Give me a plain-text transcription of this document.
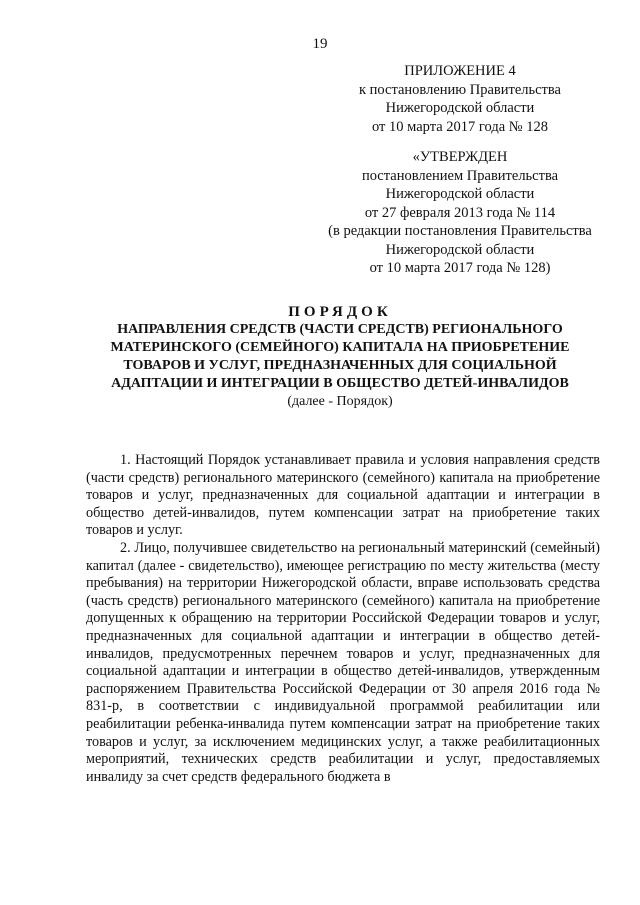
19
ПРИЛОЖЕНИЕ 4
к постановлению Правительства
Нижегородской области
от 10 марта 2017 года № 128
«УТВЕРЖДЕН
постановлением Правительства
Нижегородской области
от 27 февраля 2013 года № 114
(в редакции постановления Правительства
Нижегородской области
от 10 марта 2017 года № 128)
ПОРЯДОК
НАПРАВЛЕНИЯ СРЕДСТВ (ЧАСТИ СРЕДСТВ) РЕГИОНАЛЬНОГО
МАТЕРИНСКОГО (СЕМЕЙНОГО) КАПИТАЛА НА ПРИОБРЕТЕНИЕ
ТОВАРОВ И УСЛУГ, ПРЕДНАЗНАЧЕННЫХ ДЛЯ СОЦИАЛЬНОЙ
АДАПТАЦИИ И ИНТЕГРАЦИИ В ОБЩЕСТВО ДЕТЕЙ-ИНВАЛИДОВ
(далее - Порядок)

1. Настоящий Порядок устанавливает правила и условия направления средств (части средств) регионального материнского (семейного) капитала на приобретение товаров и услуг, предназначенных для социальной адаптации и интеграции в общество детей-инвалидов, путем компенсации затрат на приобретение таких товаров и услуг.

2. Лицо, получившее свидетельство на региональный материнский (семейный) капитал (далее - свидетельство), имеющее регистрацию по месту жительства (месту пребывания) на территории Нижегородской области, вправе использовать средства (часть средств) регионального материнского (семейного) капитала на приобретение допущенных к обращению на территории Российской Федерации товаров и услуг, предназначенных для социальной адаптации и интеграции в общество детей-инвалидов, предусмотренных перечнем товаров и услуг, предназначенных для социальной адаптации и интеграции в общество детей-инвалидов, утвержденным распоряжением Правительства Российской Федерации от 30 апреля 2016 года № 831-р, в соответствии с индивидуальной программой реабилитации или реабилитации ребенка-инвалида путем компенсации затрат на приобретение таких товаров и услуг, за исключением медицинских услуг, а также реабилитационных мероприятий, технических средств реабилитации и услуг, предоставляемых инвалиду за счет средств федерального бюджета в
